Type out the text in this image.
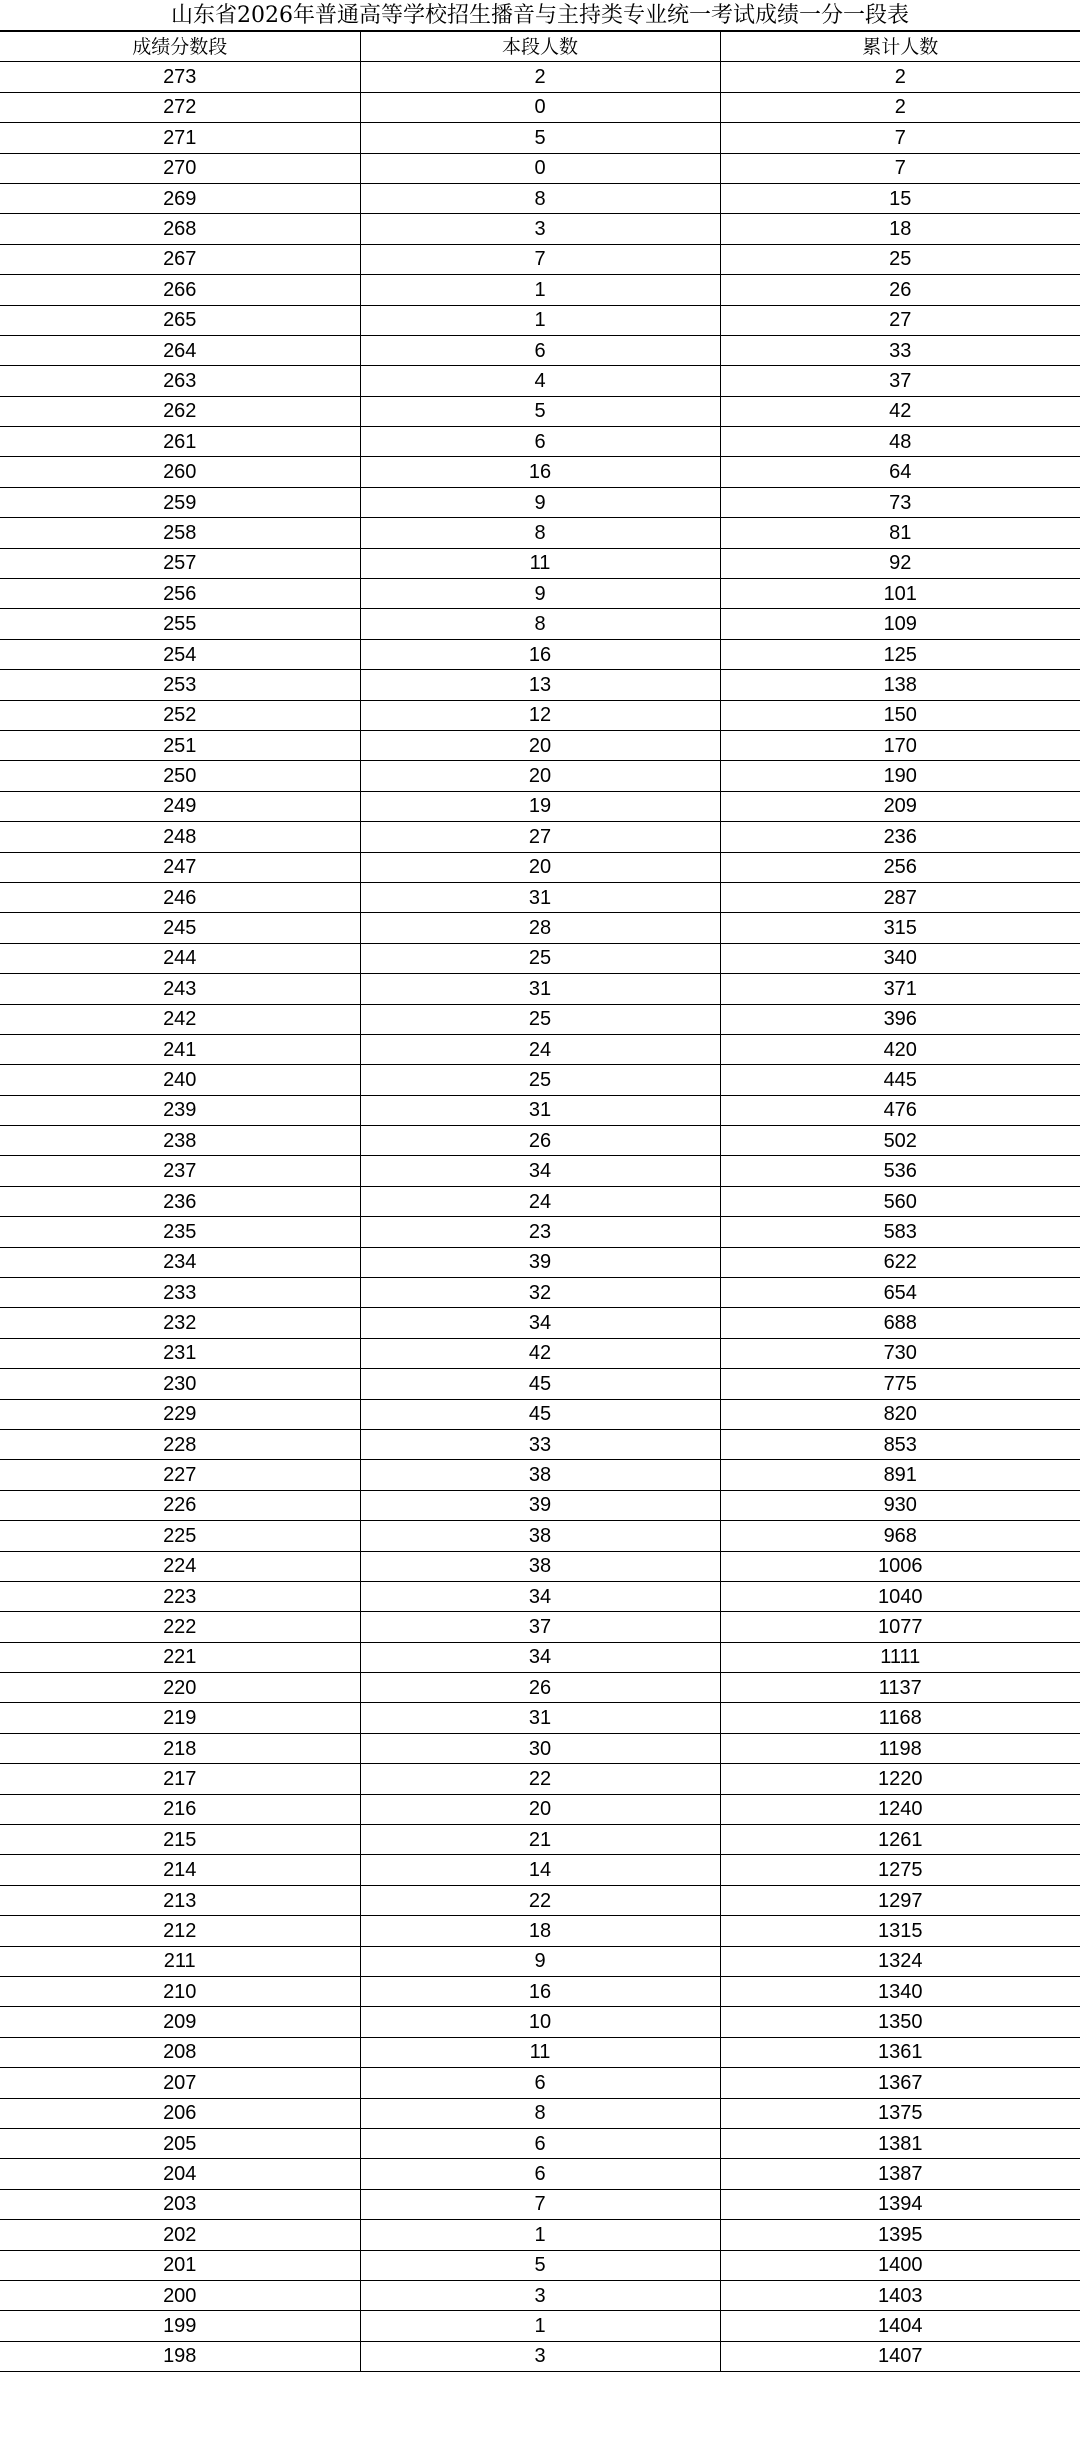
山东省2026年普通高等学校招生播音与主持类专业统一考试成绩一分一段表
成绩分数段	本段人数	累计人数
273	2	2
272	0	2
271	5	7
270	0	7
269	8	15
268	3	18
267	7	25
266	1	26
265	1	27
264	6	33
263	4	37
262	5	42
261	6	48
260	16	64
259	9	73
258	8	81
257	11	92
256	9	101
255	8	109
254	16	125
253	13	138
252	12	150
251	20	170
250	20	190
249	19	209
248	27	236
247	20	256
246	31	287
245	28	315
244	25	340
243	31	371
242	25	396
241	24	420
240	25	445
239	31	476
238	26	502
237	34	536
236	24	560
235	23	583
234	39	622
233	32	654
232	34	688
231	42	730
230	45	775
229	45	820
228	33	853
227	38	891
226	39	930
225	38	968
224	38	1006
223	34	1040
222	37	1077
221	34	1111
220	26	1137
219	31	1168
218	30	1198
217	22	1220
216	20	1240
215	21	1261
214	14	1275
213	22	1297
212	18	1315
211	9	1324
210	16	1340
209	10	1350
208	11	1361
207	6	1367
206	8	1375
205	6	1381
204	6	1387
203	7	1394
202	1	1395
201	5	1400
200	3	1403
199	1	1404
198	3	1407
